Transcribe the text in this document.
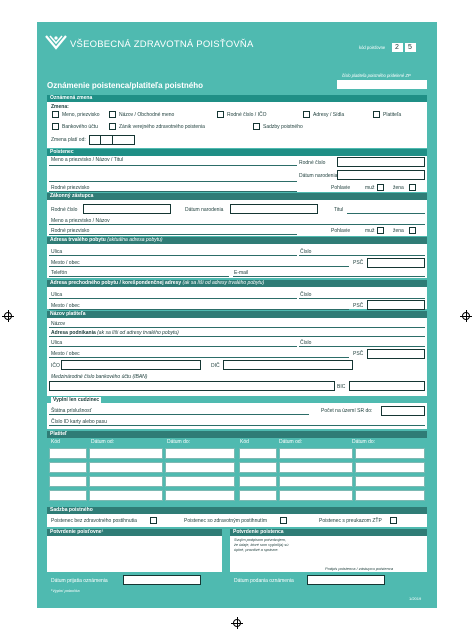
VŠEOBECNÁ ZDRAVOTNÁ POISŤOVŇA	kód poisťovne 2 5
číslo platiteľa poistného pridelené ZP
Oznámenie poistenca/platiteľa poistného
Oznámená zmena
Zmena:
Meno, priezvisko	Názov / Obchodné meno	Rodné číslo / IČO	Adresy / Sídla	Platiteľa
Bankového účtu	Zánik verejného zdravotného poistenia	Sadzby poistného
Zmena platí od:
Poistenec
Meno a priezvisko / Názov / Titul	Rodné číslo
Dátum narodenia
Rodné priezvisko	Pohlavie	muž	žena
Zákonný zástupca
Rodné číslo	Dátum narodenia	Titul
Meno a priezvisko / Názov
Rodné priezvisko	Pohlavie	muž	žena
Adresa trvalého pobytu (aktuálna adresa pobytu)
Ulica	Číslo
Mesto / obec	PSČ
Telefón	E-mail
Adresa prechodného pobytu / korešpondenčnej adresy (ak sa líši od adresy trvalého pobytu)
Ulica	Číslo
Mesto / obec	PSČ
Názov platiteľa
Názov
Adresa podnikania (ak sa líši od adresy trvalého pobytu)
Ulica	Číslo
Mesto / obec	PSČ
IČO	DIČ
Medzinárodné číslo bankového účtu (IBAN)
BIC
Vyplní len cudzinec
Štátna príslušnosť	Počet na území SR do:
Číslo ID karty alebo pasu
Platiteľ
Kód	Dátum od:	Dátum do:	Kód	Dátum od:	Dátum do:
Sadzba poistného
Poistenec bez zdravotného postihnutia	Poistenec so zdravotným postihnutím	Poistenec s preukazom ZŤP
Potvrdenie poisťovne¹	Potvrdenie poistenca
Svojím podpisom potvrdzujem,
že údaje, ktoré som vyplnil(a) sú
úplné, pravdivé a správne.
Podpis poistenca / zástupcu poistenca
Dátum prijatia oznámenia
¹Vyplní pobočka
Dátum podania oznámenia
1/2019
